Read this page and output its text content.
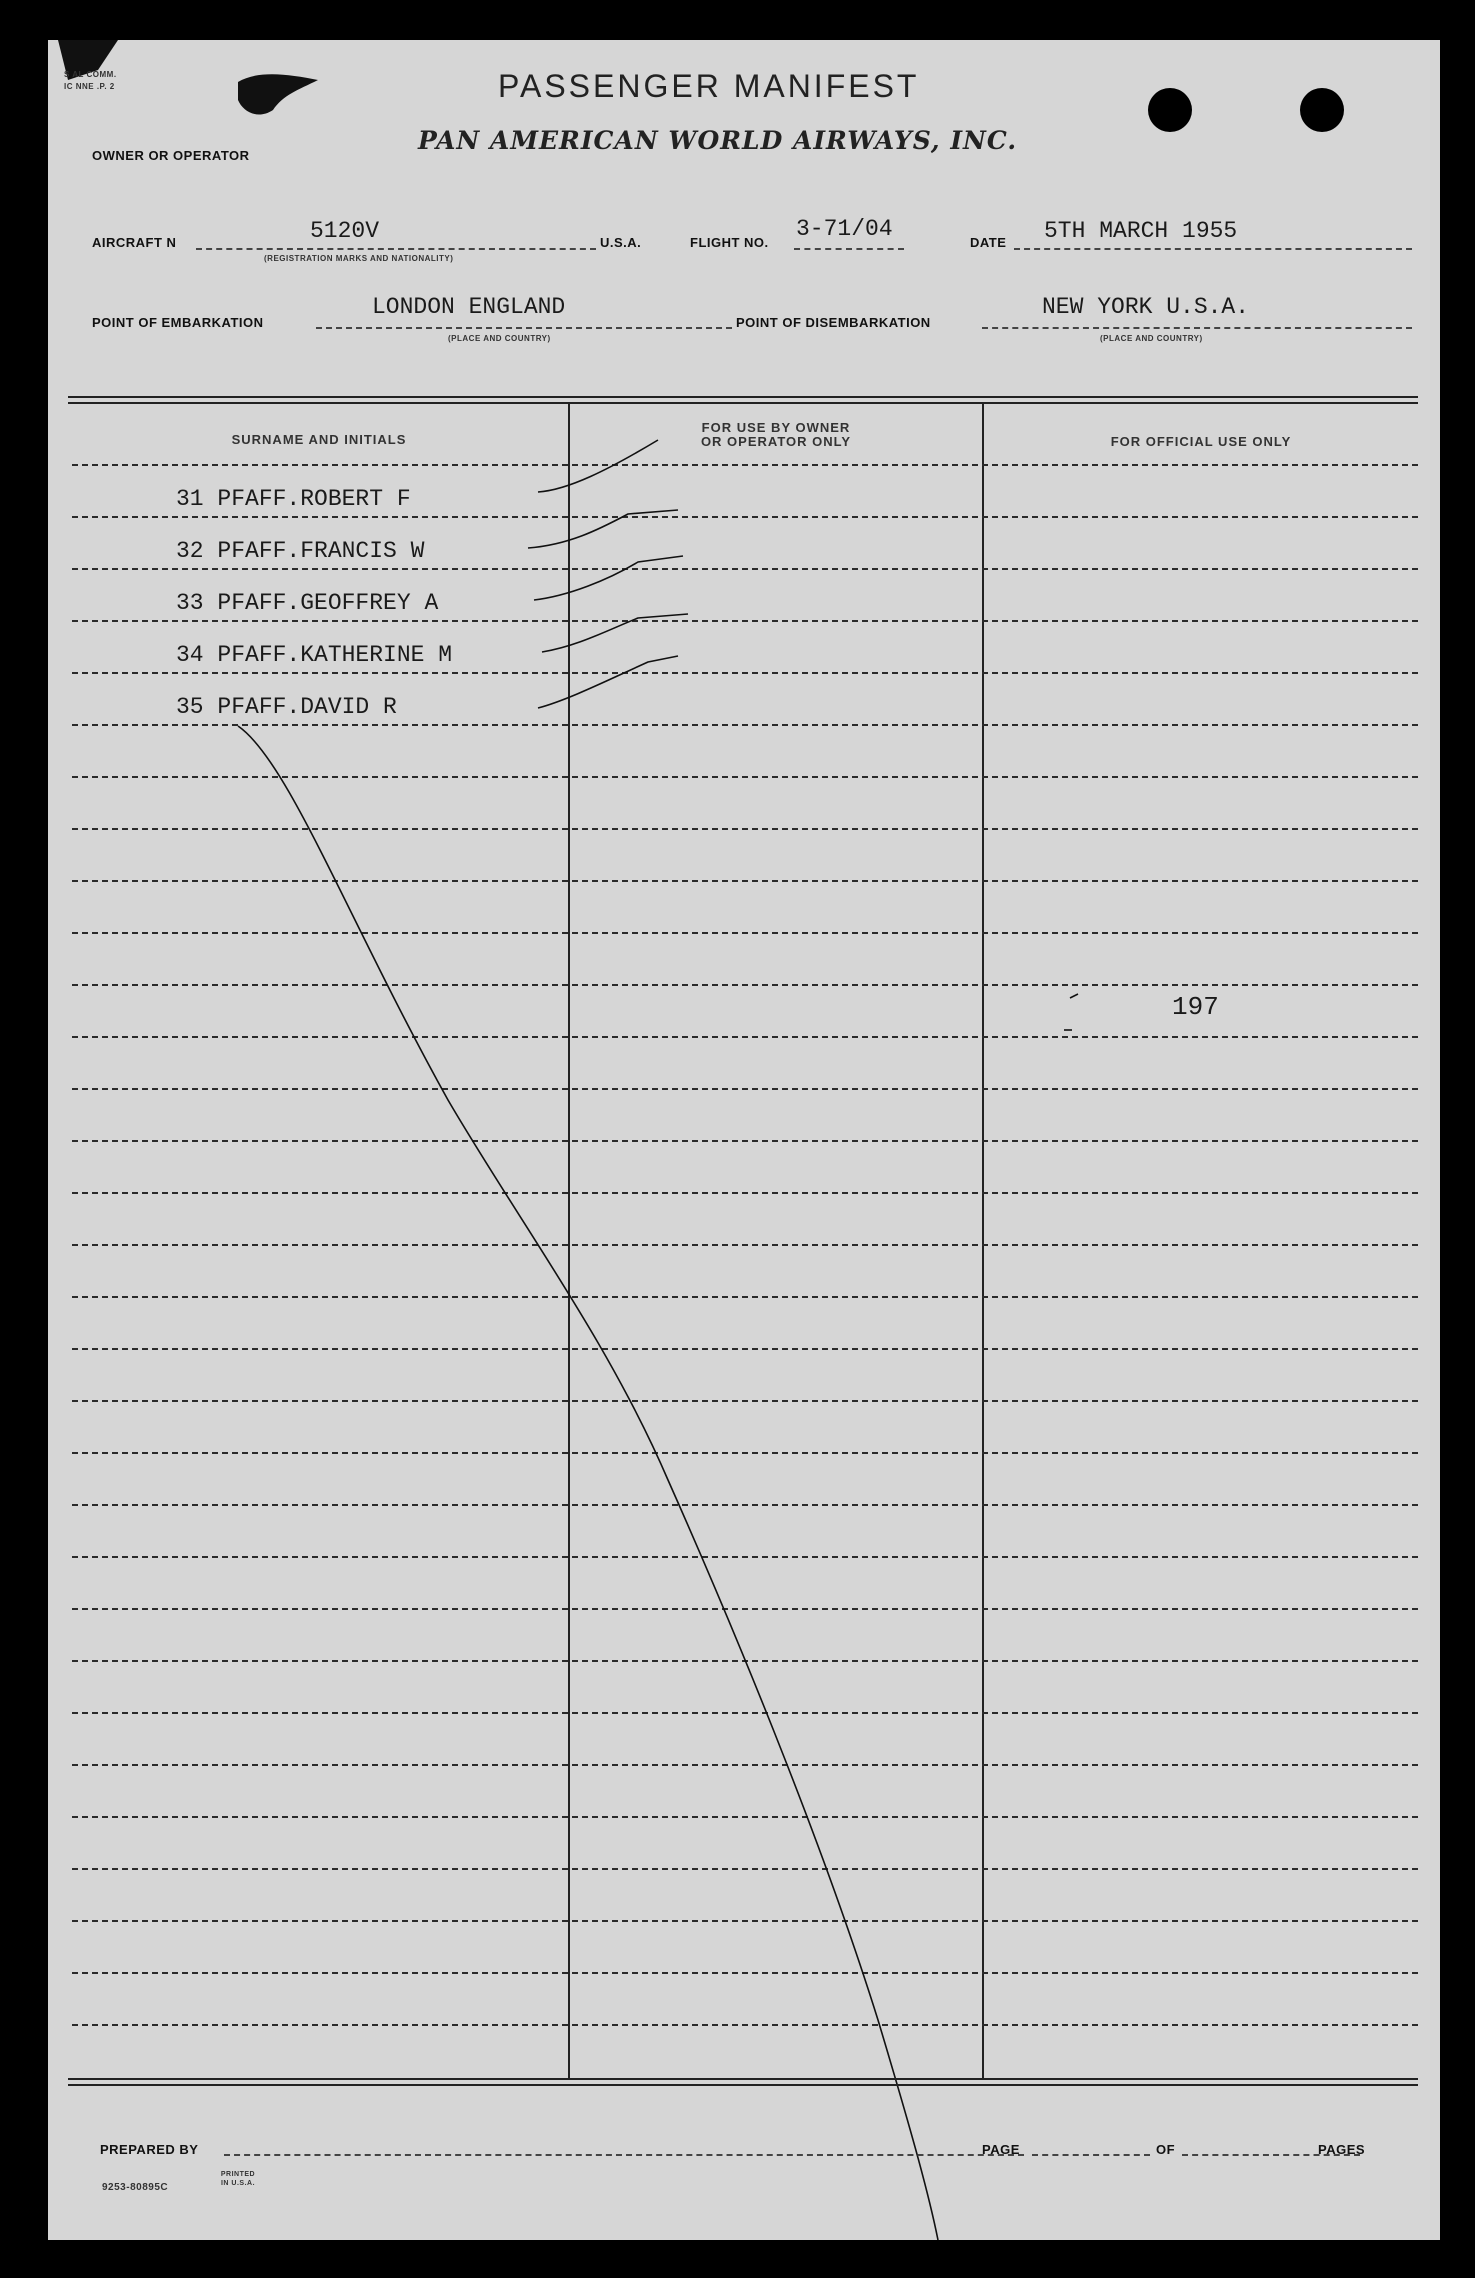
S AL COMM.
IC NNE .P. 2	PASSENGER MANIFEST
OWNER OR OPERATOR
PAN AMERICAN WORLD AIRWAYS, INC.
AIRCRAFT N	5120V
(REGISTRATION MARKS AND NATIONALITY)
U.S.A.	FLIGHT NO.
3-71/04
DATE 5TH MARCH 1955
POINT OF EMBARKATION
LONDON ENGLAND
(PLACE AND COUNTRY)
POINT OF DISEMBARKATION
NEW YORK U.S.A.
(PLACE AND COUNTRY)
SURNAME AND INITIALS
FOR USE BY OWNER
OR OPERATOR ONLY	FOR OFFICIAL USE ONLY
31 PFAFF.ROBERT F
32 PFAFF.FRANCIS W
33 PFAFF.GEOFFREY A
34 PFAFF.KATHERINE M
35 PFAFF.DAVID R
197
PREPARED BY	PAGE	OF	PAGES
9253-80895C
PRINTED IN U.S.A.
